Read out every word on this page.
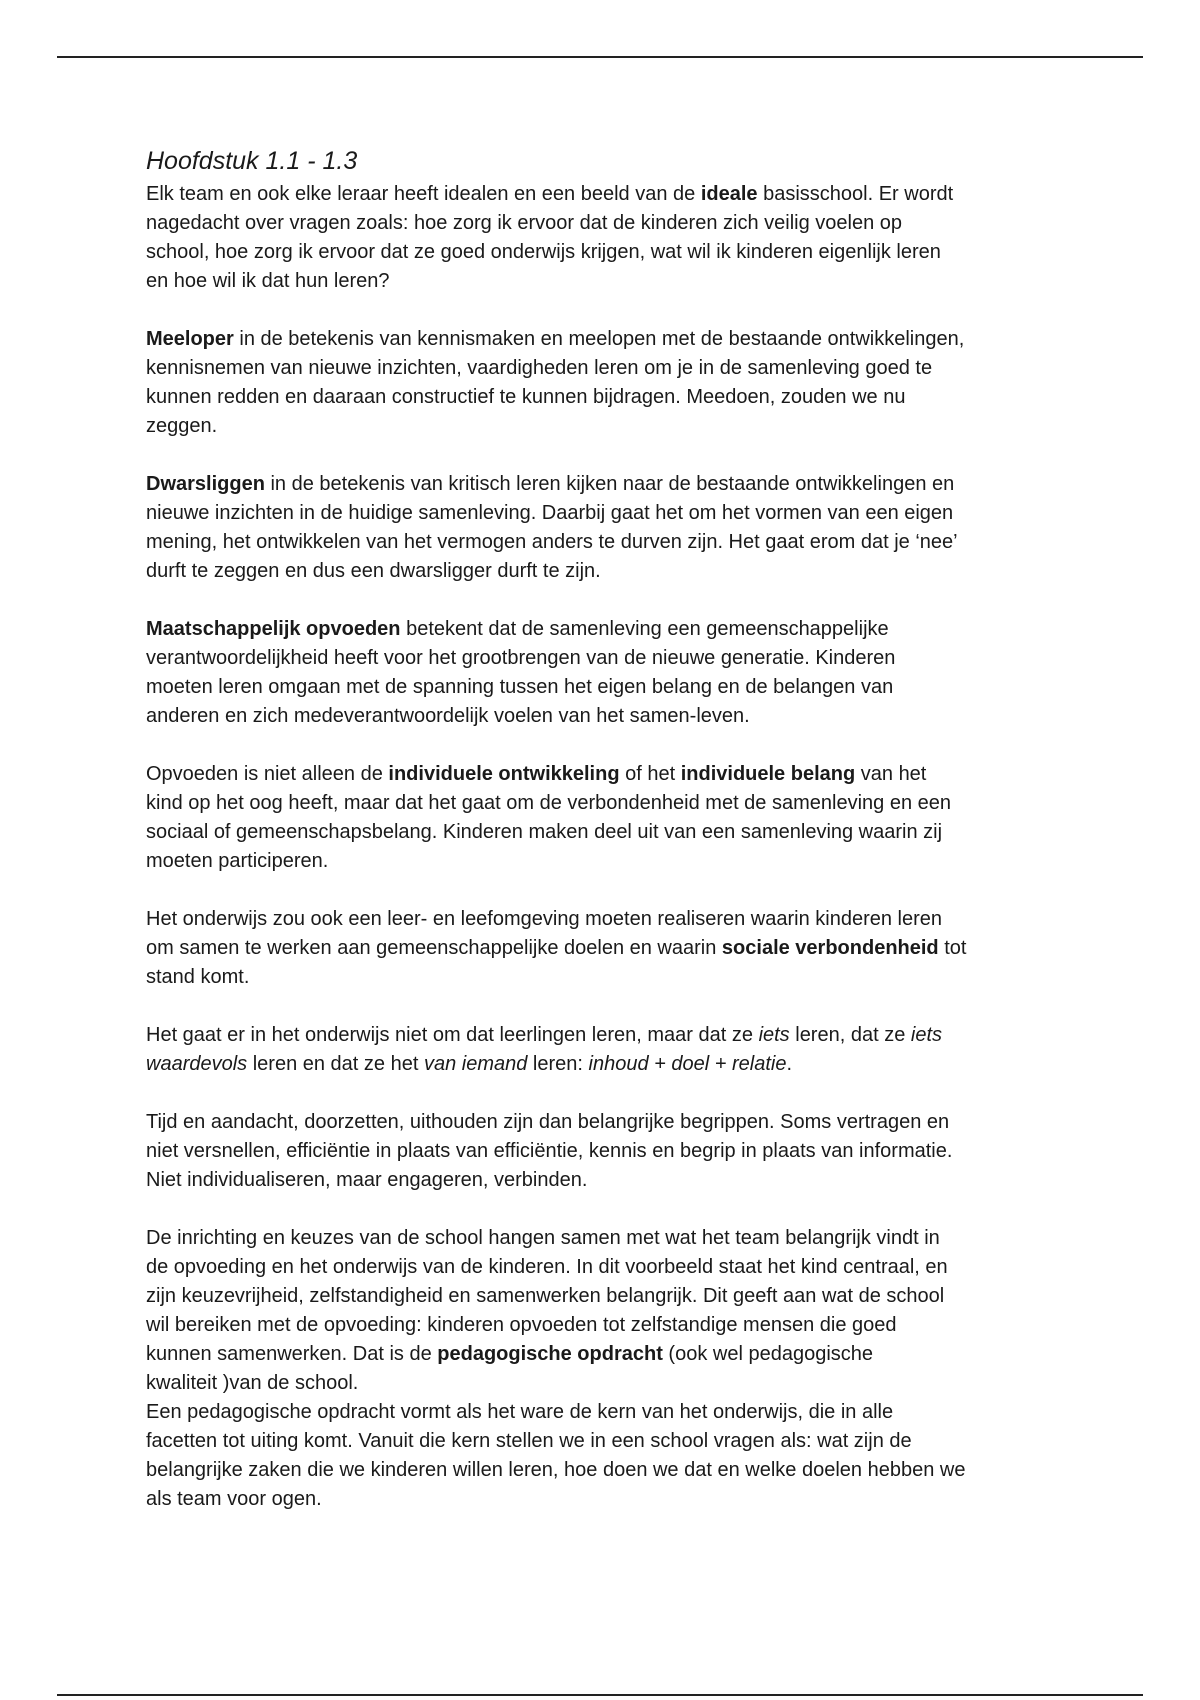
Hoofdstuk 1.1 - 1.3

Elk team en ook elke leraar heeft idealen en een beeld van de ideale basisschool. Er wordt
nagedacht over vragen zoals: hoe zorg ik ervoor dat de kinderen zich veilig voelen op
school, hoe zorg ik ervoor dat ze goed onderwijs krijgen, wat wil ik kinderen eigenlijk leren
en hoe wil ik dat hun leren?

Meeloper in de betekenis van kennismaken en meelopen met de bestaande ontwikkelingen,
kennisnemen van nieuwe inzichten, vaardigheden leren om je in de samenleving goed te
kunnen redden en daaraan constructief te kunnen bijdragen. Meedoen, zouden we nu
zeggen.

Dwarsliggen in de betekenis van kritisch leren kijken naar de bestaande ontwikkelingen en
nieuwe inzichten in de huidige samenleving. Daarbij gaat het om het vormen van een eigen
mening, het ontwikkelen van het vermogen anders te durven zijn. Het gaat erom dat je ‘nee’
durft te zeggen en dus een dwarsligger durft te zijn.

Maatschappelijk opvoeden betekent dat de samenleving een gemeenschappelijke
verantwoordelijkheid heeft voor het grootbrengen van de nieuwe generatie. Kinderen
moeten leren omgaan met de spanning tussen het eigen belang en de belangen van
anderen en zich medeverantwoordelijk voelen van het samen-leven.

Opvoeden is niet alleen de individuele ontwikkeling of het individuele belang van het
kind op het oog heeft, maar dat het gaat om de verbondenheid met de samenleving en een
sociaal of gemeenschapsbelang. Kinderen maken deel uit van een samenleving waarin zij
moeten participeren.

Het onderwijs zou ook een leer- en leefomgeving moeten realiseren waarin kinderen leren
om samen te werken aan gemeenschappelijke doelen en waarin sociale verbondenheid tot
stand komt.

Het gaat er in het onderwijs niet om dat leerlingen leren, maar dat ze iets leren, dat ze iets
waardevols leren en dat ze het van iemand leren: inhoud + doel + relatie.

Tijd en aandacht, doorzetten, uithouden zijn dan belangrijke begrippen. Soms vertragen en
niet versnellen, efficiëntie in plaats van efficiëntie, kennis en begrip in plaats van informatie.
Niet individualiseren, maar engageren, verbinden.

De inrichting en keuzes van de school hangen samen met wat het team belangrijk vindt in
de opvoeding en het onderwijs van de kinderen. In dit voorbeeld staat het kind centraal, en
zijn keuzevrijheid, zelfstandigheid en samenwerken belangrijk. Dit geeft aan wat de school
wil bereiken met de opvoeding: kinderen opvoeden tot zelfstandige mensen die goed
kunnen samenwerken. Dat is de pedagogische opdracht (ook wel pedagogische
kwaliteit )van de school.
Een pedagogische opdracht vormt als het ware de kern van het onderwijs, die in alle
facetten tot uiting komt. Vanuit die kern stellen we in een school vragen als: wat zijn de
belangrijke zaken die we kinderen willen leren, hoe doen we dat en welke doelen hebben we
als team voor ogen.
